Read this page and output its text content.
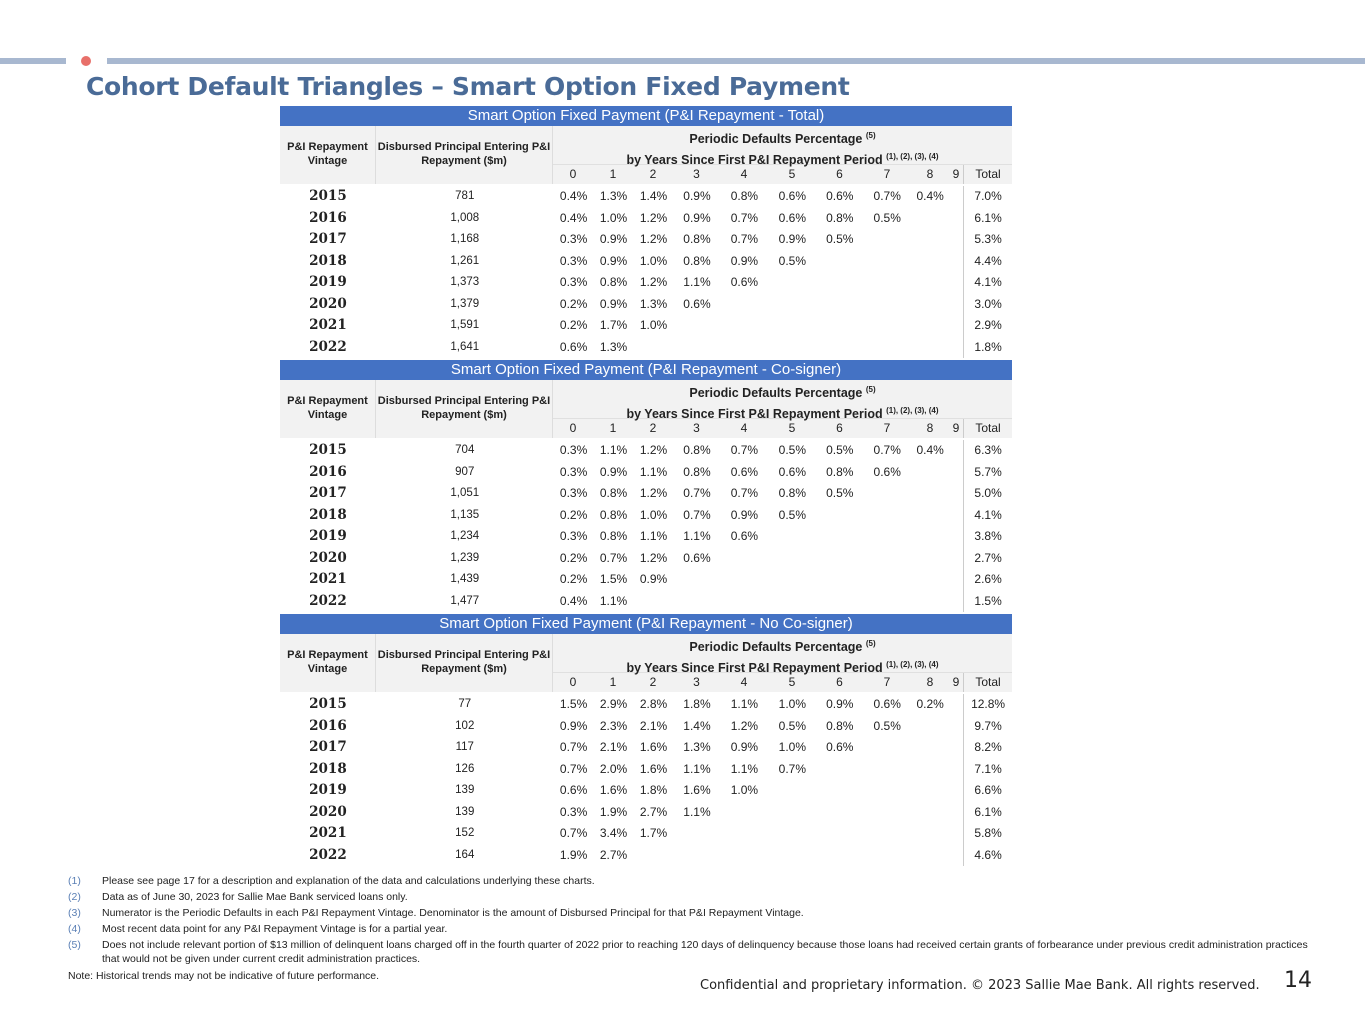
Cohort Default Triangles – Smart Option Fixed Payment
Smart Option Fixed Payment (P&I Repayment - Total)
P&I Repayment Vintage
Disbursed Principal Entering P&I Repayment ($m)
Periodic Defaults Percentage $^{(5)}$
by Years Since First P&I Repayment Period $^{(1), (2), (3), (4)}$
0	1	2	3	4	5	6	7	8	9	Total
2015	781	0.4%	1.3%	1.4%	0.9%	0.8%	0.6%	0.6%	0.7%	0.4%	7.0%
2016	1,008	0.4%	1.0%	1.2%	0.9%	0.7%	0.6%	0.8%	0.5%	6.1%
2017	1,168	0.3%	0.9%	1.2%	0.8%	0.7%	0.9%	0.5%	5.3%
2018	1,261	0.3%	0.9%	1.0%	0.8%	0.9%	0.5%	4.4%
2019	1,373	0.3%	0.8%	1.2%	1.1%	0.6%	4.1%
2020	1,379	0.2%	0.9%	1.3%	0.6%	3.0%
2021	1,591	0.2%	1.7%	1.0%	2.9%
2022	1,641	0.6%	1.3%	1.8%
Smart Option Fixed Payment (P&I Repayment - Co-signer)
P&I Repayment Vintage
Disbursed Principal Entering P&I Repayment ($m)
Periodic Defaults Percentage $^{(5)}$
by Years Since First P&I Repayment Period $^{(1), (2), (3), (4)}$
0	1	2	3	4	5	6	7	8	9	Total
2015	704	0.3%	1.1%	1.2%	0.8%	0.7%	0.5%	0.5%	0.7%	0.4%	6.3%
2016	907	0.3%	0.9%	1.1%	0.8%	0.6%	0.6%	0.8%	0.6%	5.7%
2017	1,051	0.3%	0.8%	1.2%	0.7%	0.7%	0.8%	0.5%	5.0%
2018	1,135	0.2%	0.8%	1.0%	0.7%	0.9%	0.5%	4.1%
2019	1,234	0.3%	0.8%	1.1%	1.1%	0.6%	3.8%
2020	1,239	0.2%	0.7%	1.2%	0.6%	2.7%
2021	1,439	0.2%	1.5%	0.9%	2.6%
2022	1,477	0.4%	1.1%	1.5%
Smart Option Fixed Payment (P&I Repayment - No Co-signer)
P&I Repayment Vintage
Disbursed Principal Entering P&I Repayment ($m)
Periodic Defaults Percentage $^{(5)}$
by Years Since First P&I Repayment Period $^{(1), (2), (3), (4)}$
0	1	2	3	4	5	6	7	8	9	Total
2015	77	1.5%	2.9%	2.8%	1.8%	1.1%	1.0%	0.9%	0.6%	0.2%	12.8%
2016	102	0.9%	2.3%	2.1%	1.4%	1.2%	0.5%	0.8%	0.5%	9.7%
2017	117	0.7%	2.1%	1.6%	1.3%	0.9%	1.0%	0.6%	8.2%
2018	126	0.7%	2.0%	1.6%	1.1%	1.1%	0.7%	7.1%
2019	139	0.6%	1.6%	1.8%	1.6%	1.0%	6.6%
2020	139	0.3%	1.9%	2.7%	1.1%	6.1%
2021	152	0.7%	3.4%	1.7%	5.8%
2022	164	1.9%	2.7%	4.6%
(1)	Please see page 17 for a description and explanation of the data and calculations underlying these charts.
(2)	Data as of June 30, 2023 for Sallie Mae Bank serviced loans only.
(3)	Numerator is the Periodic Defaults in each P&I Repayment Vintage. Denominator is the amount of Disbursed Principal for that P&I Repayment Vintage.
(4)	Most recent data point for any P&I Repayment Vintage is for a partial year.
(5)	Does not include relevant portion of $13 million of delinquent loans charged off in the fourth quarter of 2022 prior to reaching 120 days of delinquency because those loans had received certain grants of forbearance under previous credit administration practices that would not be given under current credit administration practices.
Note: Historical trends may not be indicative of future performance.
Confidential and proprietary information. © 2023 Sallie Mae Bank. All rights reserved. 14
